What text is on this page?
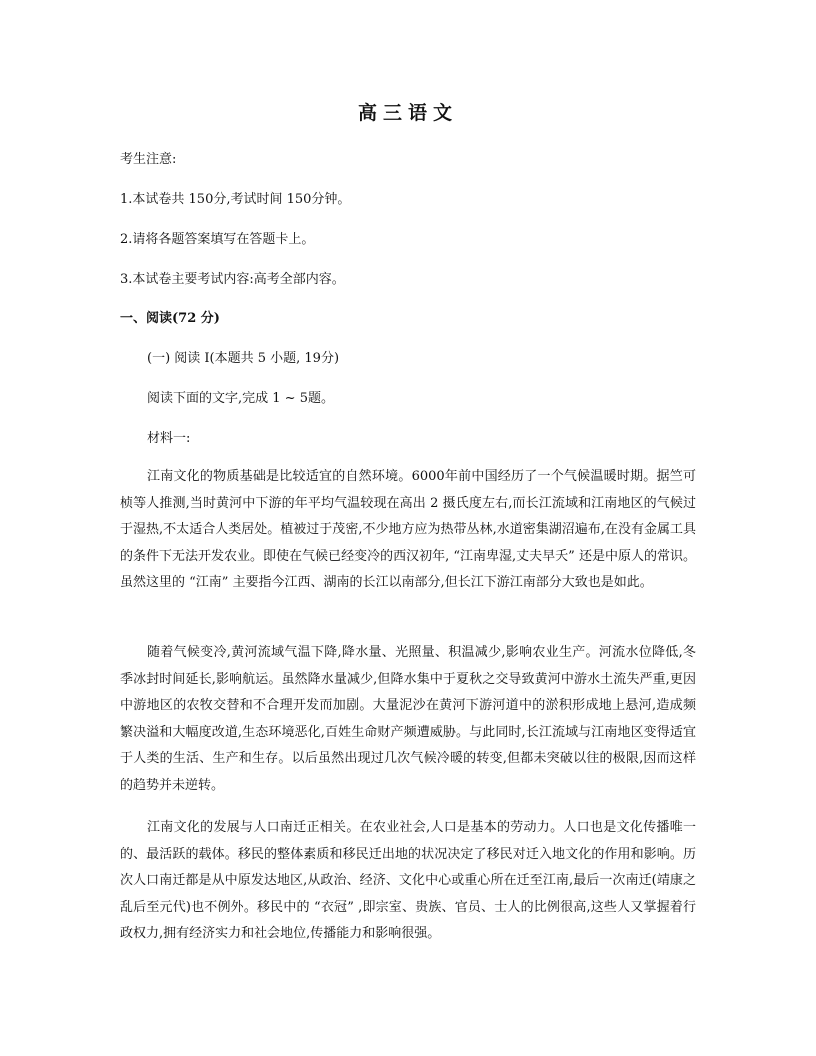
高三语文
考生注意:
1.本试卷共 150分,考试时间 150分钟。
2.请将各题答案填写在答题卡上。
3.本试卷主要考试内容:高考全部内容。
一、阅读(72 分)
(一) 阅读 I(本题共 5 小题, 19分)
阅读下面的文字,完成 1 ~ 5题。
材料一:
江南文化的物质基础是比较适宜的自然环境。6000年前中国经历了一个气候温暖时期。据竺可桢等人推测,当时黄河中下游的年平均气温较现在高出 2 摄氏度左右,而长江流域和江南地区的气候过于湿热,不太适合人类居处。植被过于茂密,不少地方应为热带丛林,水道密集湖沼遍布,在没有金属工具的条件下无法开发农业。即使在气候已经变冷的西汉初年, “江南卑湿,丈夫早夭” 还是中原人的常识。虽然这里的 “江南” 主要指今江西、湖南的长江以南部分,但长江下游江南部分大致也是如此。
随着气候变冷,黄河流域气温下降,降水量、光照量、积温减少,影响农业生产。河流水位降低,冬季冰封时间延长,影响航运。虽然降水量减少,但降水集中于夏秋之交导致黄河中游水土流失严重,更因中游地区的农牧交替和不合理开发而加剧。大量泥沙在黄河下游河道中的淤积形成地上悬河,造成频繁决溢和大幅度改道,生态环境恶化,百姓生命财产频遭威胁。与此同时,长江流域与江南地区变得适宜于人类的生活、生产和生存。以后虽然出现过几次气候冷暖的转变,但都未突破以往的极限,因而这样的趋势并未逆转。
江南文化的发展与人口南迁正相关。在农业社会,人口是基本的劳动力。人口也是文化传播唯一的、最活跃的载体。移民的整体素质和移民迁出地的状况决定了移民对迁入地文化的作用和影响。历次人口南迁都是从中原发达地区,从政治、经济、文化中心或重心所在迁至江南,最后一次南迁(靖康之乱后至元代)也不例外。移民中的 “衣冠” ,即宗室、贵族、官员、士人的比例很高,这些人又掌握着行政权力,拥有经济实力和社会地位,传播能力和影响很强。
